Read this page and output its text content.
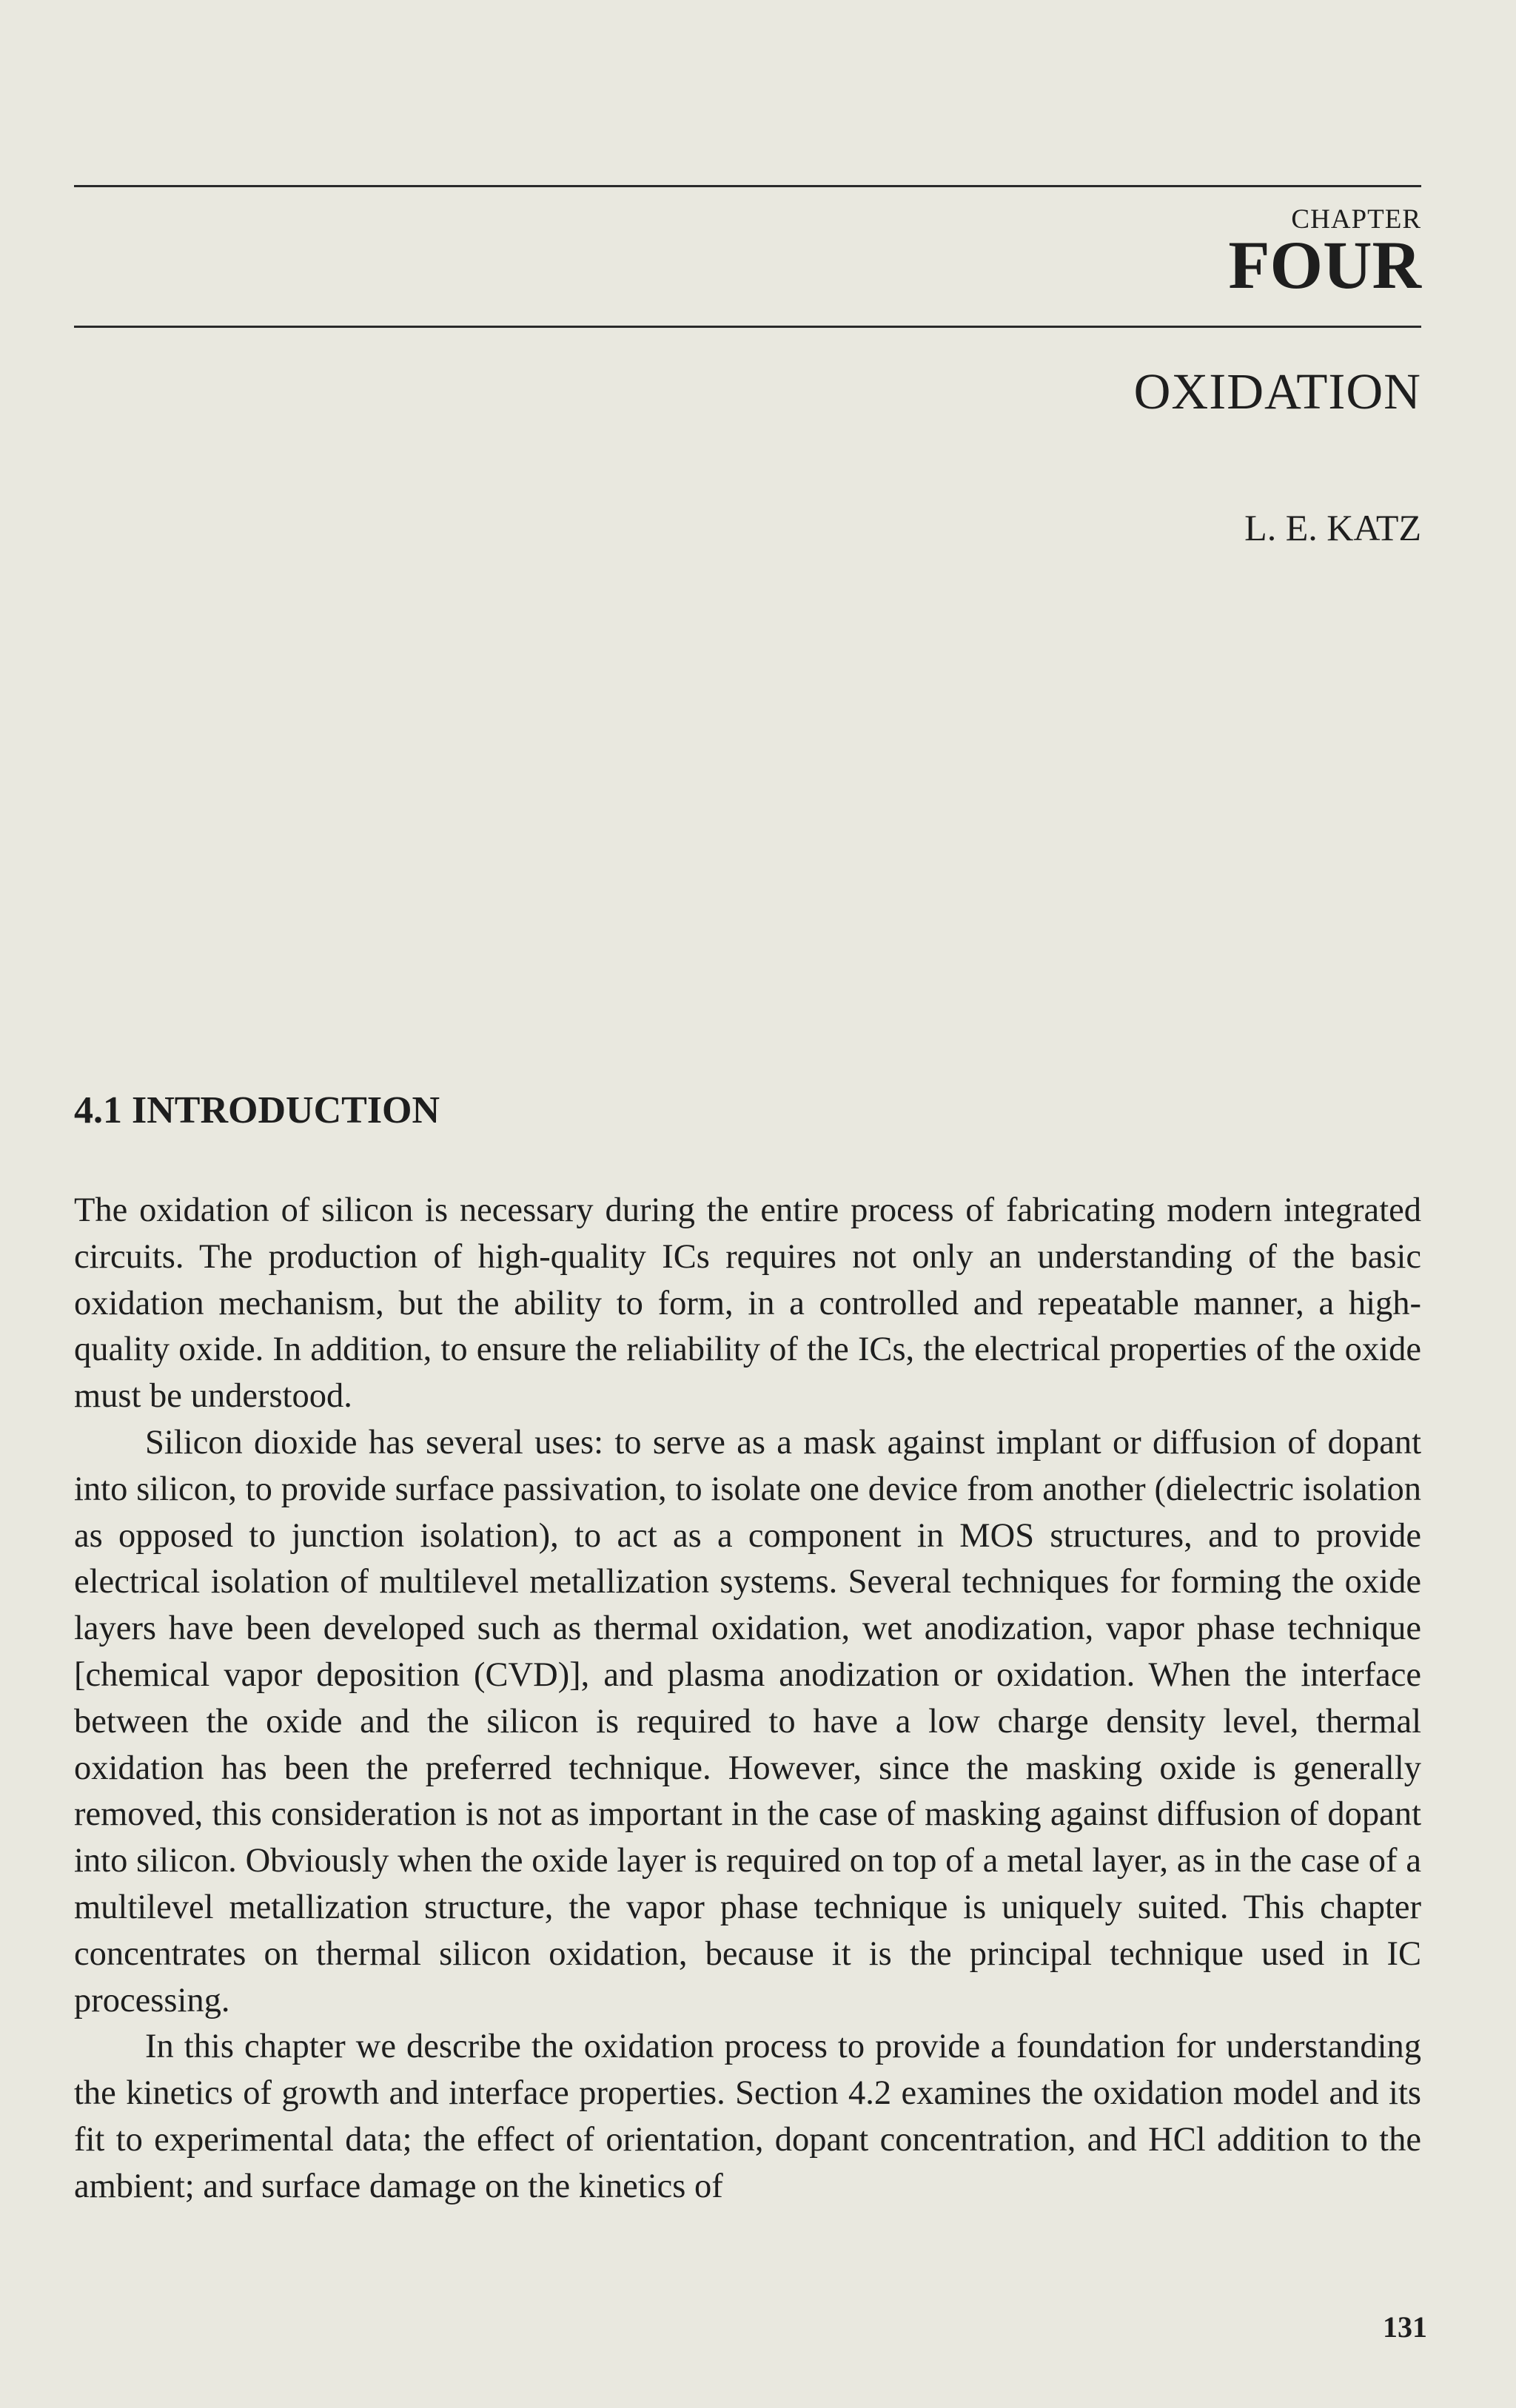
CHAPTER
FOUR
OXIDATION
L. E. KATZ
4.1 INTRODUCTION

The oxidation of silicon is necessary during the entire process of fabricating modern integrated circuits. The production of high-quality ICs requires not only an understanding of the basic oxidation mechanism, but the ability to form, in a controlled and repeatable manner, a high-quality oxide. In addition, to ensure the reliability of the ICs, the electrical properties of the oxide must be understood.

Silicon dioxide has several uses: to serve as a mask against implant or diffusion of dopant into silicon, to provide surface passivation, to isolate one device from another (dielectric isolation as opposed to junction isolation), to act as a component in MOS structures, and to provide electrical isolation of multilevel metallization systems. Several techniques for forming the oxide layers have been developed such as thermal oxidation, wet anodization, vapor phase technique [chemical vapor deposition (CVD)], and plasma anodization or oxidation. When the interface between the oxide and the silicon is required to have a low charge density level, thermal oxidation has been the preferred technique. However, since the masking oxide is generally removed, this consideration is not as important in the case of masking against diffusion of dopant into silicon. Obviously when the oxide layer is required on top of a metal layer, as in the case of a multilevel metallization structure, the vapor phase technique is uniquely suited. This chapter concentrates on thermal silicon oxidation, because it is the principal technique used in IC processing.

In this chapter we describe the oxidation process to provide a foundation for understanding the kinetics of growth and interface properties. Section 4.2 examines the oxidation model and its fit to experimental data; the effect of orientation, dopant concentration, and HCl addition to the ambient; and surface damage on the kinetics of

131
